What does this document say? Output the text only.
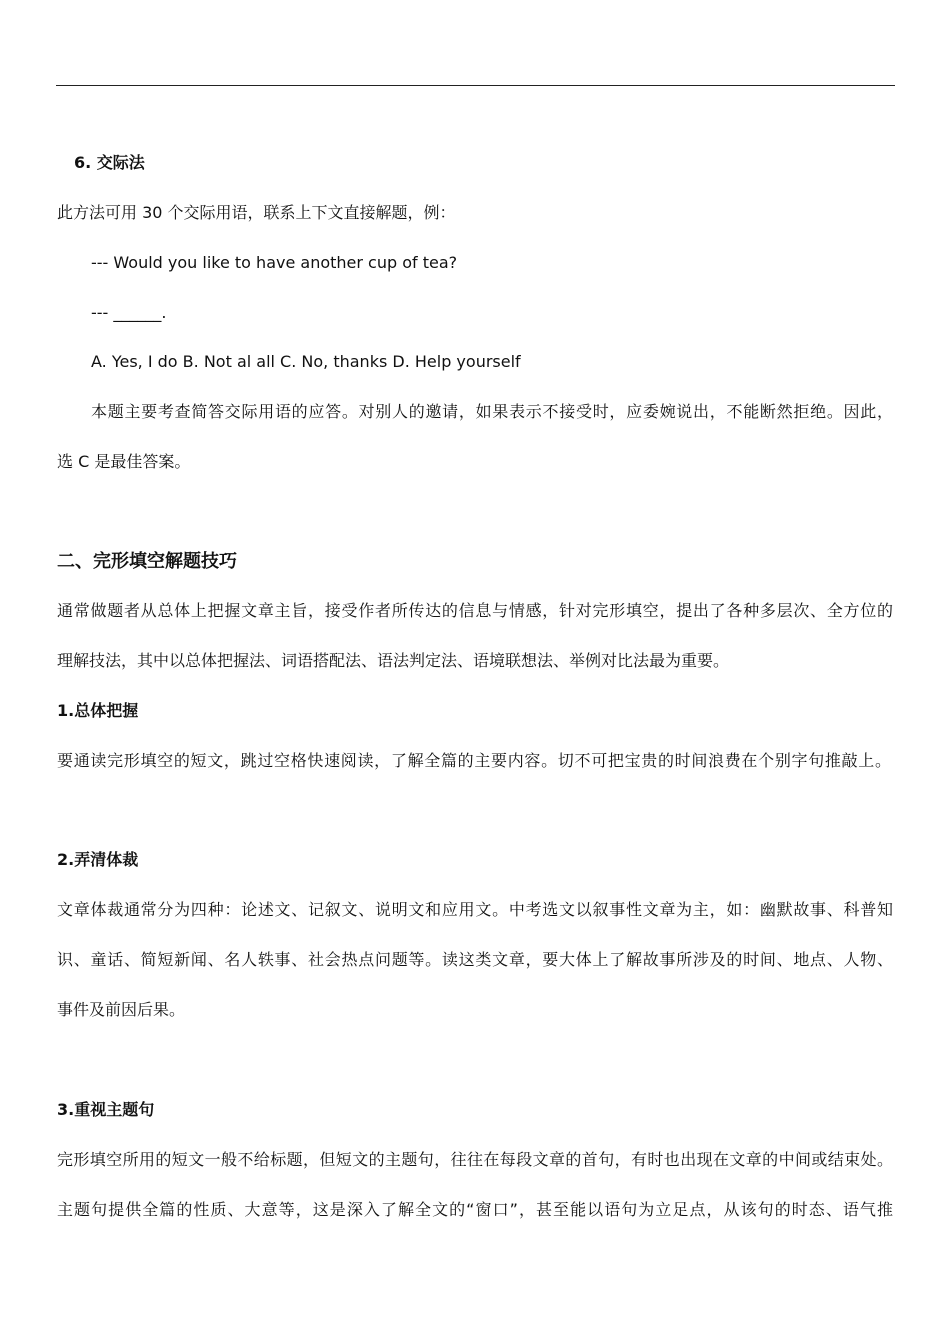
6. 交际法
此方法可用 30 个交际用语，联系上下文直接解题，例：
--- Would you like to have another cup of tea?
--- ______.
A. Yes, I do B. Not al all C. No, thanks D. Help yourself
本题主要考查简答交际用语的应答。对别人的邀请，如果表示不接受时，应委婉说出，不能断然拒绝。因此，
选 C 是最佳答案。
二、完形填空解题技巧
通常做题者从总体上把握文章主旨，接受作者所传达的信息与情感，针对完形填空，提出了各种多层次、全方位的
理解技法，其中以总体把握法、词语搭配法、语法判定法、语境联想法、举例对比法最为重要。
1.总体把握
要通读完形填空的短文，跳过空格快速阅读，了解全篇的主要内容。切不可把宝贵的时间浪费在个别字句推敲上。
2.弄清体裁
文章体裁通常分为四种：论述文、记叙文、说明文和应用文。中考选文以叙事性文章为主，如：幽默故事、科普知
识、童话、简短新闻、名人轶事、社会热点问题等。读这类文章，要大体上了解故事所涉及的时间、地点、人物、
事件及前因后果。
3.重视主题句
完形填空所用的短文一般不给标题，但短文的主题句，往往在每段文章的首句，有时也出现在文章的中间或结束处。
主题句提供全篇的性质、大意等，这是深入了解全文的“窗口”，甚至能以语句为立足点，从该句的时态、语气推
